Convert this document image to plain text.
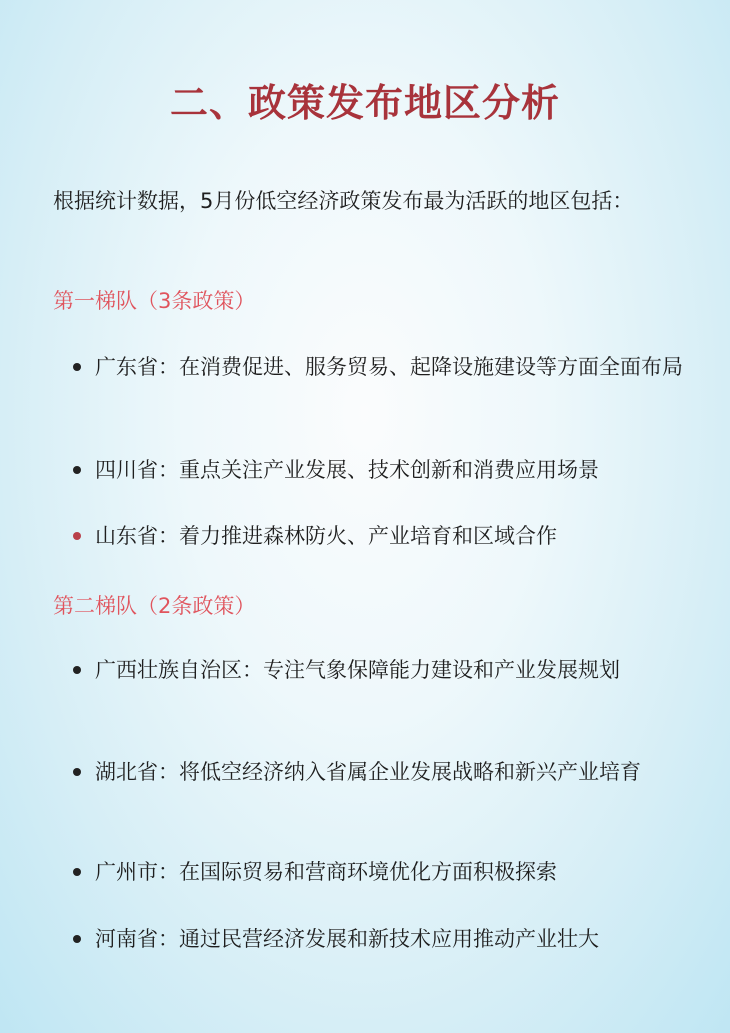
二、政策发布地区分析
根据统计数据，5月份低空经济政策发布最为活跃的地区包括：
第一梯队（3条政策）
广东省：在消费促进、服务贸易、起降设施建设等方面全面布局
四川省：重点关注产业发展、技术创新和消费应用场景
山东省：着力推进森林防火、产业培育和区域合作
第二梯队（2条政策）
广西壮族自治区：专注气象保障能力建设和产业发展规划
湖北省：将低空经济纳入省属企业发展战略和新兴产业培育
广州市：在国际贸易和营商环境优化方面积极探索
河南省：通过民营经济发展和新技术应用推动产业壮大
